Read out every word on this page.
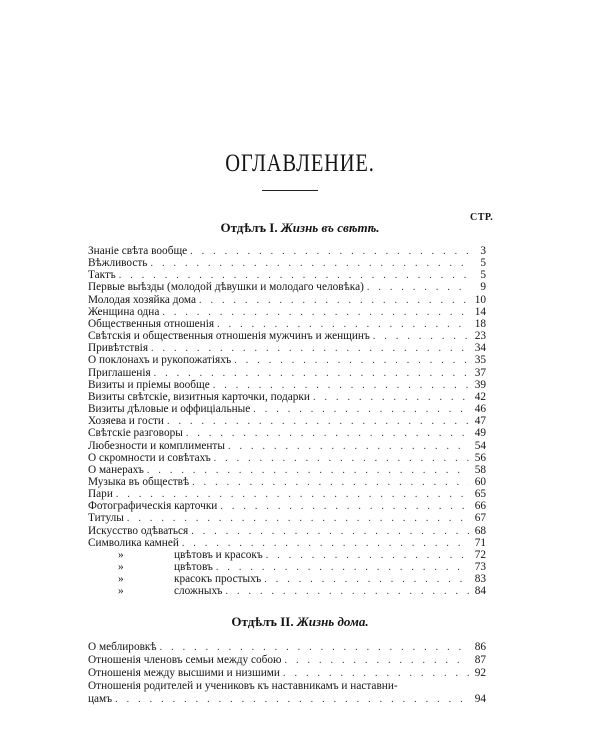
ОГЛАВЛЕНИЕ.
СТР.
Отдѣлъ I. Жизнь въ свѣтѣ.
Знаніе свѣта вообще .....	3
Вѣжливость .....	5
Тактъ .....	5
Первые выѣзды (молодой дѣвушки и молодаго человѣка) .....	9
Молодая хозяйка дома .....	10
Женщина одна .....	14
Общественныя отношенія .....	18
Свѣтскія и общественныя отношенія мужчинъ и женщинъ .....	23
Привѣтствія .....	34
О поклонахъ и рукопожатіяхъ .....	35
Приглашенія .....	37
Визиты и пріемы вообще .....	39
Визиты свѣтскіе, визитныя карточки, подарки .....	42
Визиты дѣловые и оффиціальные .....	46
Хозяева и гости .....	47
Свѣтскіе разговоры .....	49
Любезности и комплименты .....	54
О скромности и совѣтахъ .....	56
О манерахъ .....	58
Музыка въ обществѣ .....	60
Пари .....	65
Фотографическія карточки .....	66
Титулы .....	67
Искусство одѣваться .....	68
Символика камней .....	71
»	цвѣтовъ и красокъ .....	72
»	цвѣтовъ .....	73
»	красокъ простыхъ .....	83
»	сложныхъ .....	84
Отдѣлъ II. Жизнь дома.
О меблировкѣ .....	86
Отношенія членовъ семьи между собою .....	87
Отношенія между высшими и низшими .....	92
Отношенія родителей и учениковъ къ наставникамъ и наставни-
цамъ .....	94
